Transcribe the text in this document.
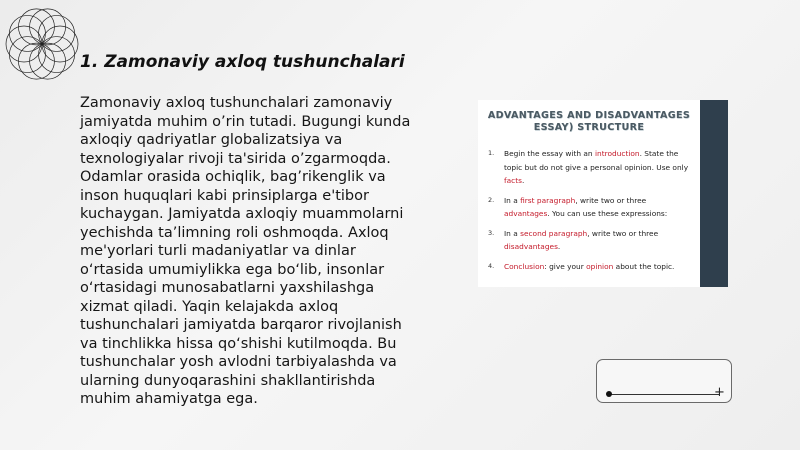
1. Zamonaviy axloq tushunchalari

Zamonaviy axloq tushunchalari zamonaviy jamiyatda muhim o’rin tutadi. Bugungi kunda axloqiy qadriyatlar globalizatsiya va texnologiyalar rivoji ta'sirida o’zgarmoqda. Odamlar orasida ochiqlik, bag’rikenglik va inson huquqlari kabi prinsiplarga e'tibor kuchaygan. Jamiyatda axloqiy muammolarni yechishda ta’limning roli oshmoqda. Axloq me'yorlari turli madaniyatlar va dinlar o‘rtasida umumiylikka ega bo‘lib, insonlar o‘rtasidagi munosabatlarni yaxshilashga xizmat qiladi. Yaqin kelajakda axloq tushunchalari jamiyatda barqaror rivojlanish va tinchlikka hissa qo‘shishi kutilmoqda. Bu tushunchalar yosh avlodni tarbiyalashda va ularning dunyoqarashini shakllantirishda muhim ahamiyatga ega.

ADVANTAGES AND DISADVANTAGES
ESSAY) STRUCTURE
1. Begin the essay with an introduction. State the topic but do not give a personal opinion. Use only facts.
2. In a first paragraph, write two or three advantages. You can use these expressions:
3. In a second paragraph, write two or three disadvantages.
4. Conclusion: give your opinion about the topic.
+
